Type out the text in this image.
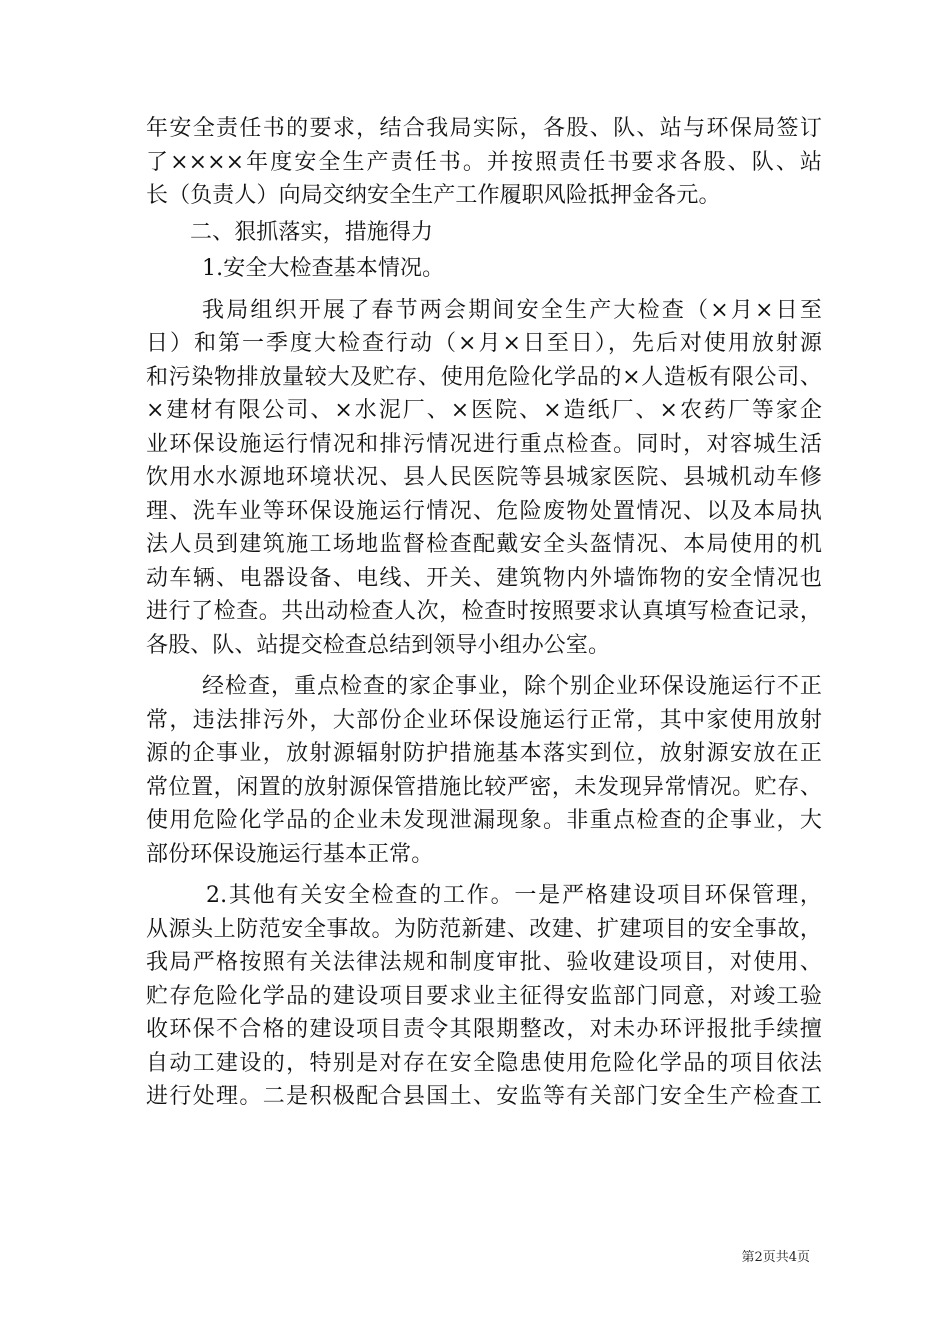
年安全责任书的要求，结合我局实际，各股、队、站与环保局签订
了××××年度安全生产责任书。并按照责任书要求各股、队、站
长（负责人）向局交纳安全生产工作履职风险抵押金各元。
二、狠抓落实，措施得力
1.安全大检查基本情况。
我局组织开展了春节两会期间安全生产大检查（×月×日至
日）和第一季度大检查行动（×月×日至日），先后对使用放射源
和污染物排放量较大及贮存、使用危险化学品的×人造板有限公司、
×建材有限公司、×水泥厂、×医院、×造纸厂、×农药厂等家企
业环保设施运行情况和排污情况进行重点检查。同时，对容城生活
饮用水水源地环境状况、县人民医院等县城家医院、县城机动车修
理、洗车业等环保设施运行情况、危险废物处置情况、以及本局执
法人员到建筑施工场地监督检查配戴安全头盔情况、本局使用的机
动车辆、电器设备、电线、开关、建筑物内外墙饰物的安全情况也
进行了检查。共出动检查人次，检查时按照要求认真填写检查记录，
各股、队、站提交检查总结到领导小组办公室。
经检查，重点检查的家企事业，除个别企业环保设施运行不正
常，违法排污外，大部份企业环保设施运行正常，其中家使用放射
源的企事业，放射源辐射防护措施基本落实到位，放射源安放在正
常位置，闲置的放射源保管措施比较严密，未发现异常情况。贮存、
使用危险化学品的企业未发现泄漏现象。非重点检查的企事业，大
部份环保设施运行基本正常。
2.其他有关安全检查的工作。一是严格建设项目环保管理，
从源头上防范安全事故。为防范新建、改建、扩建项目的安全事故，
我局严格按照有关法律法规和制度审批、验收建设项目，对使用、
贮存危险化学品的建设项目要求业主征得安监部门同意，对竣工验
收环保不合格的建设项目责令其限期整改，对未办环评报批手续擅
自动工建设的，特别是对存在安全隐患使用危险化学品的项目依法
进行处理。二是积极配合县国土、安监等有关部门安全生产检查工
第2页共4页
